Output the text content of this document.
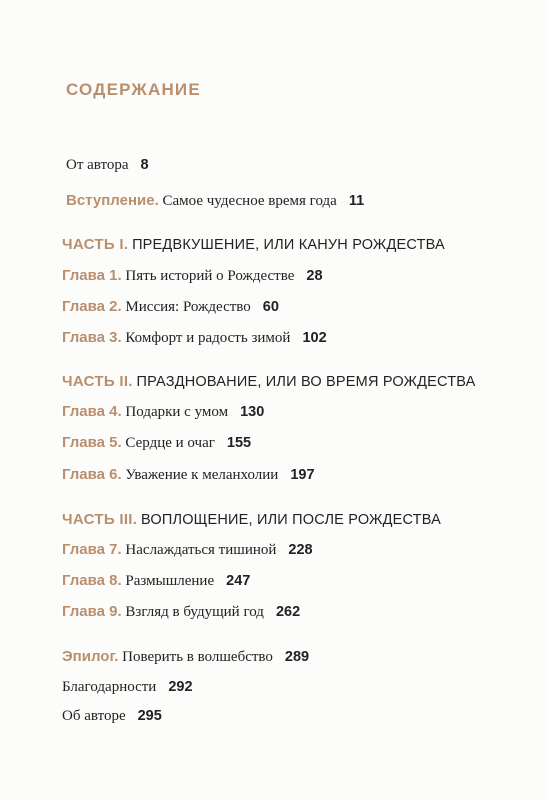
СОДЕРЖАНИЕ
От автора 8
Вступление. Самое чудесное время года 11
ЧАСТЬ I. ПРЕДВКУШЕНИЕ, ИЛИ КАНУН РОЖДЕСТВА
Глава 1. Пять историй о Рождестве 28
Глава 2. Миссия: Рождество 60
Глава 3. Комфорт и радость зимой 102
ЧАСТЬ II. ПРАЗДНОВАНИЕ, ИЛИ ВО ВРЕМЯ РОЖДЕСТВА
Глава 4. Подарки с умом 130
Глава 5. Сердце и очаг 155
Глава 6. Уважение к меланхолии 197
ЧАСТЬ III. ВОПЛОЩЕНИЕ, ИЛИ ПОСЛЕ РОЖДЕСТВА
Глава 7. Наслаждаться тишиной 228
Глава 8. Размышление 247
Глава 9. Взгляд в будущий год 262
Эпилог. Поверить в волшебство 289
Благодарности 292
Об авторе 295
